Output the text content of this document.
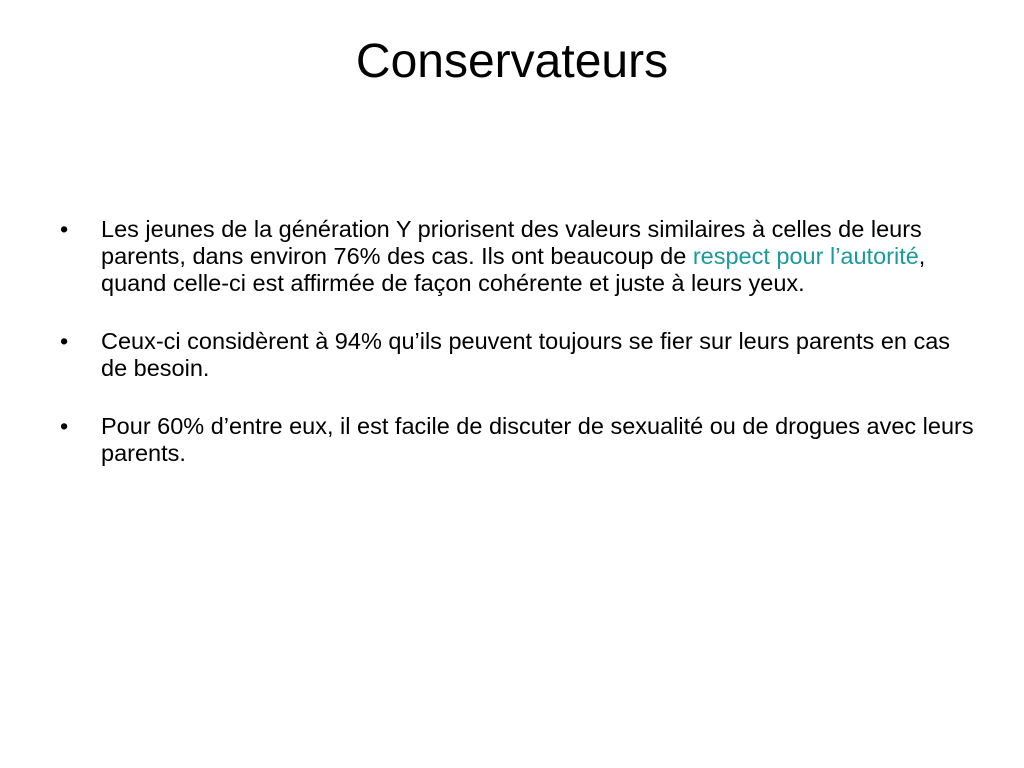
Conservateurs
•	Les jeunes de la génération Y priorisent des valeurs similaires à celles de leurs parents, dans environ 76% des cas. Ils ont beaucoup de respect pour l’autorité, quand celle-ci est affirmée de façon cohérente et juste à leurs yeux.
•	Ceux-ci considèrent à 94% qu’ils peuvent toujours se fier sur leurs parents en cas de besoin.
•	Pour 60% d’entre eux, il est facile de discuter de sexualité ou de drogues avec leurs parents.
